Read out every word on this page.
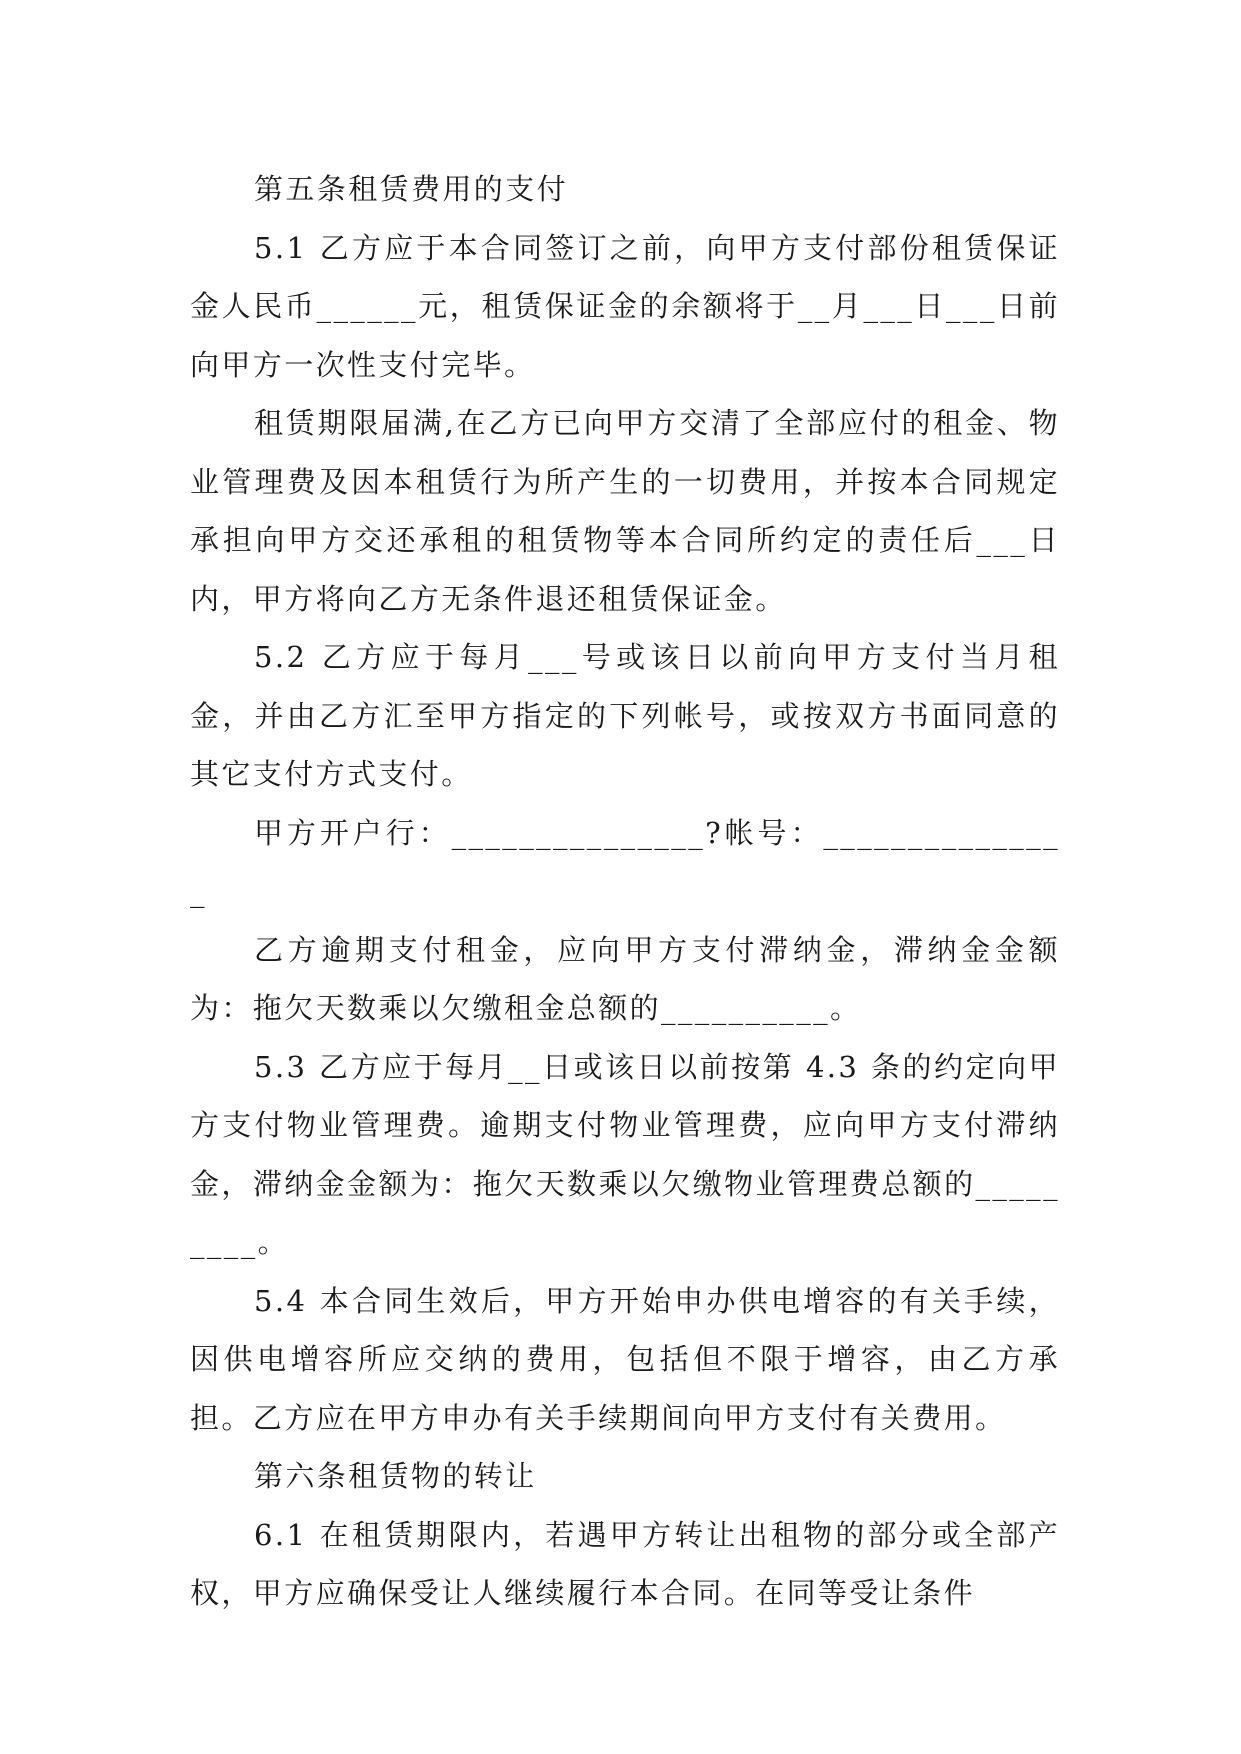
第五条租赁费用的支付

5.1 乙方应于本合同签订之前，向甲方支付部份租赁保证金人民币______元，租赁保证金的余额将于__月___日___日前向甲方一次性支付完毕。

租赁期限届满,在乙方已向甲方交清了全部应付的租金、物业管理费及因本租赁行为所产生的一切费用，并按本合同规定承担向甲方交还承租的租赁物等本合同所约定的责任后___日内，甲方将向乙方无条件退还租赁保证金。

5.2 乙方应于每月___号或该日以前向甲方支付当月租金，并由乙方汇至甲方指定的下列帐号，或按双方书面同意的其它支付方式支付。

甲方开户行：_______________?帐号：_______________

乙方逾期支付租金，应向甲方支付滞纳金，滞纳金金额为：拖欠天数乘以欠缴租金总额的__________。

5.3 乙方应于每月__日或该日以前按第 4.3 条的约定向甲方支付物业管理费。逾期支付物业管理费，应向甲方支付滞纳金，滞纳金金额为：拖欠天数乘以欠缴物业管理费总额的_________。

5.4 本合同生效后，甲方开始申办供电增容的有关手续，因供电增容所应交纳的费用，包括但不限于增容，由乙方承担。乙方应在甲方申办有关手续期间向甲方支付有关费用。

第六条租赁物的转让

6.1 在租赁期限内，若遇甲方转让出租物的部分或全部产权，甲方应确保受让人继续履行本合同。在同等受让条件
